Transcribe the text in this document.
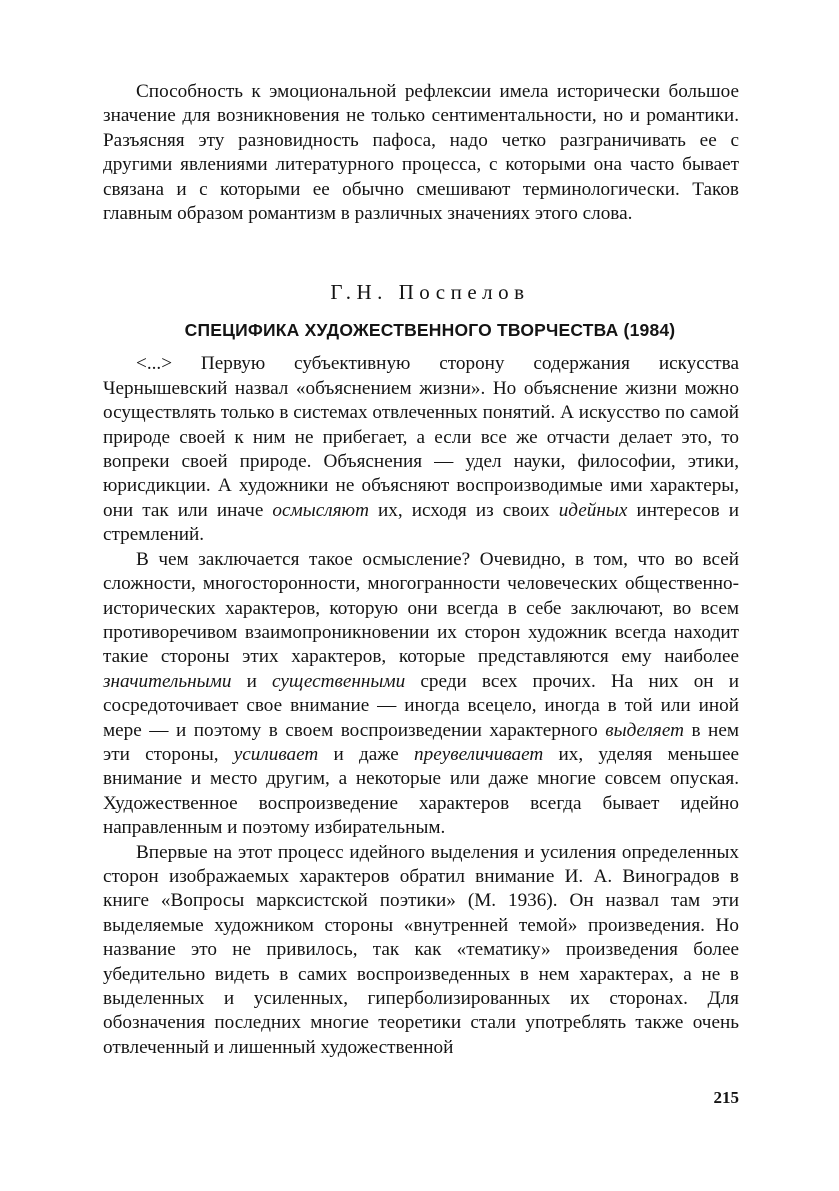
Способность к эмоциональной рефлексии имела исторически большое значение для возникновения не только сентиментальности, но и романтики. Разъясняя эту разновидность пафоса, надо четко разграничивать ее с другими явлениями литературного процесса, с которыми она часто бывает связана и с которыми ее обычно смешивают терминологически. Таков главным образом романтизм в различных значениях этого слова.

Г.Н. Поспелов

СПЕЦИФИКА ХУДОЖЕСТВЕННОГО ТВОРЧЕСТВА (1984)

<...> Первую субъективную сторону содержания искусства Чернышевский назвал «объяснением жизни». Но объяснение жизни можно осуществлять только в системах отвлеченных понятий. А искусство по самой природе своей к ним не прибегает, а если все же отчасти делает это, то вопреки своей природе. Объяснения — удел науки, философии, этики, юрисдикции. А художники не объясняют воспроизводимые ими характеры, они так или иначе осмысляют их, исходя из своих идейных интересов и стремлений.

В чем заключается такое осмысление? Очевидно, в том, что во всей сложности, многосторонности, многогранности человеческих общественно-исторических характеров, которую они всегда в себе заключают, во всем противоречивом взаимопроникновении их сторон художник всегда находит такие стороны этих характеров, которые представляются ему наиболее значительными и существенными среди всех прочих. На них он и сосредоточивает свое внимание — иногда всецело, иногда в той или иной мере — и поэтому в своем воспроизведении характерного выделяет в нем эти стороны, усиливает и даже преувеличивает их, уделяя меньшее внимание и место другим, а некоторые или даже многие совсем опуская. Художественное воспроизведение характеров всегда бывает идейно направленным и поэтому избирательным.

Впервые на этот процесс идейного выделения и усиления определенных сторон изображаемых характеров обратил внимание И. А. Виноградов в книге «Вопросы марксистской поэтики» (М. 1936). Он назвал там эти выделяемые художником стороны «внутренней темой» произведения. Но название это не привилось, так как «тематику» произведения более убедительно видеть в самих воспроизведенных в нем характерах, а не в выделенных и усиленных, гиперболизированных их сторонах. Для обозначения последних многие теоретики стали употреблять также очень отвлеченный и лишенный художественной

215
